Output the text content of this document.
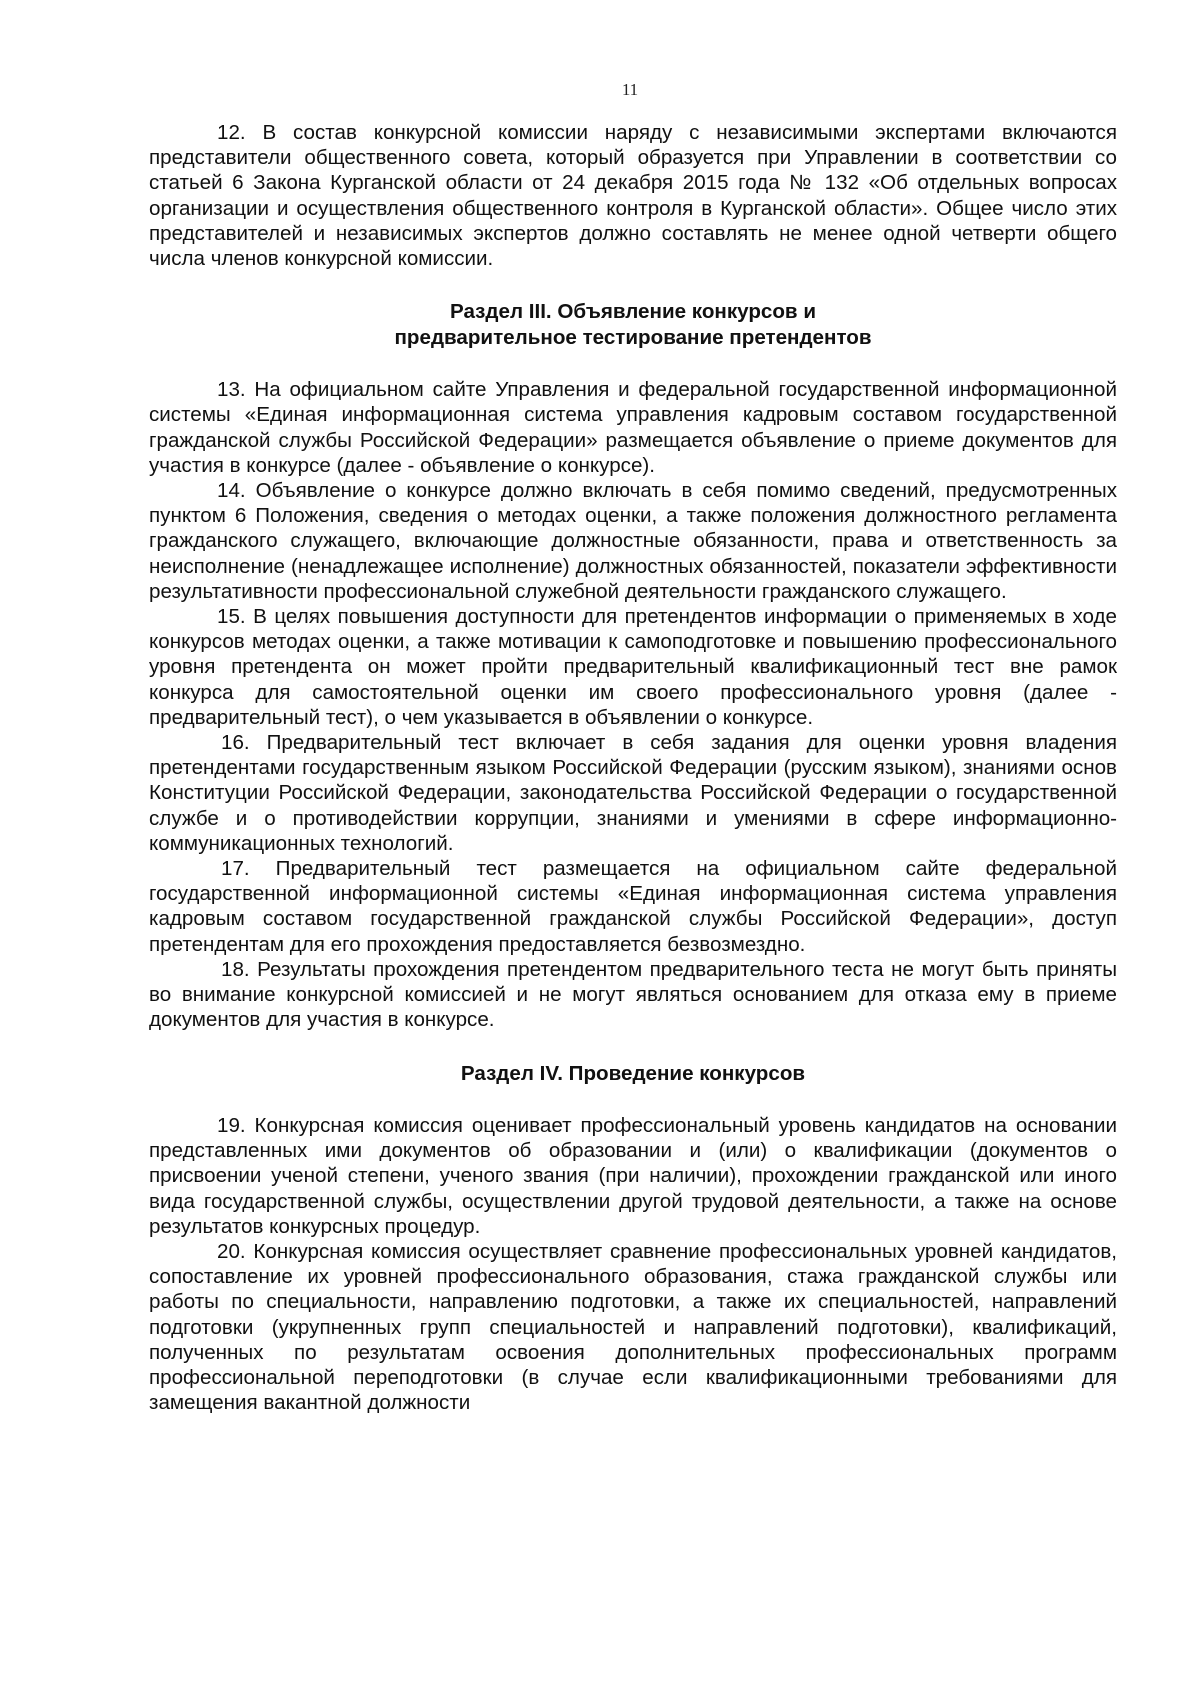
11

12. В состав конкурсной комиссии наряду с независимыми экспертами включаются представители общественного совета, который образуется при Управлении в соответствии со статьей 6 Закона Курганской области от 24 декабря 2015 года № 132 «Об отдельных вопросах организации и осуществления общественного контроля в Курганской области». Общее число этих представителей и независимых экспертов должно составлять не менее одной четверти общего числа членов конкурсной комиссии.

Раздел III. Объявление конкурсов и
предварительное тестирование претендентов

13. На официальном сайте Управления и федеральной государственной информационной системы «Единая информационная система управления кадровым составом государственной гражданской службы Российской Федерации» размещается объявление о приеме документов для участия в конкурсе (далее - объявление о конкурсе).

14. Объявление о конкурсе должно включать в себя помимо сведений, предусмотренных пунктом 6 Положения, сведения о методах оценки, а также положения должностного регламента гражданского служащего, включающие должностные обязанности, права и ответственность за неисполнение (ненадлежащее исполнение) должностных обязанностей, показатели эффективности результативности профессиональной служебной деятельности гражданского служащего.

15. В целях повышения доступности для претендентов информации о применяемых в ходе конкурсов методах оценки, а также мотивации к самоподготовке и повышению профессионального уровня претендента он может пройти предварительный квалификационный тест вне рамок конкурса для самостоятельной оценки им своего профессионального уровня (далее - предварительный тест), о чем указывается в объявлении о конкурсе.

16. Предварительный тест включает в себя задания для оценки уровня владения претендентами государственным языком Российской Федерации (русским языком), знаниями основ Конституции Российской Федерации, законодательства Российской Федерации о государственной службе и о противодействии коррупции, знаниями и умениями в сфере информационно-коммуникационных технологий.

17. Предварительный тест размещается на официальном сайте федеральной государственной информационной системы «Единая информационная система управления кадровым составом государственной гражданской службы Российской Федерации», доступ претендентам для его прохождения предоставляется безвозмездно.

18. Результаты прохождения претендентом предварительного теста не могут быть приняты во внимание конкурсной комиссией и не могут являться основанием для отказа ему в приеме документов для участия в конкурсе.

Раздел IV. Проведение конкурсов

19. Конкурсная комиссия оценивает профессиональный уровень кандидатов на основании представленных ими документов об образовании и (или) о квалификации (документов о присвоении ученой степени, ученого звания (при наличии), прохождении гражданской или иного вида государственной службы, осуществлении другой трудовой деятельности, а также на основе результатов конкурсных процедур.

20. Конкурсная комиссия осуществляет сравнение профессиональных уровней кандидатов, сопоставление их уровней профессионального образования, стажа гражданской службы или работы по специальности, направлению подготовки, а также их специальностей, направлений подготовки (укрупненных групп специальностей и направлений подготовки), квалификаций, полученных по результатам освоения дополнительных профессиональных программ профессиональной переподготовки (в случае если квалификационными требованиями для замещения вакантной должности
